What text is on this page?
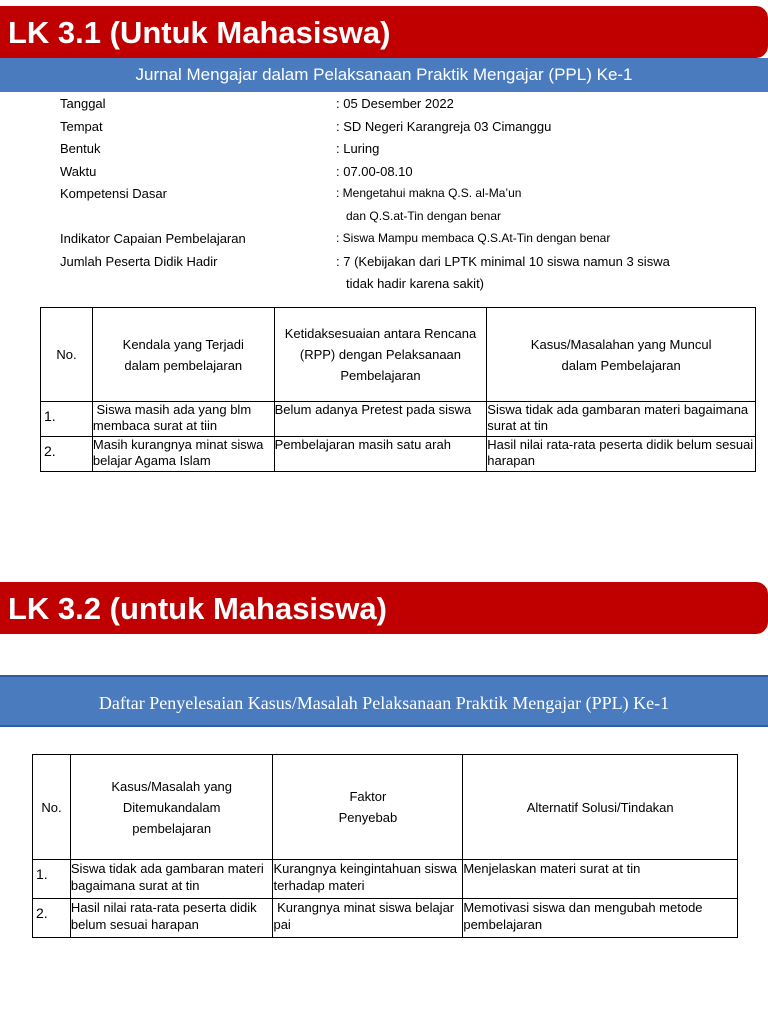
LK 3.1 (Untuk Mahasiswa)
Jurnal Mengajar dalam Pelaksanaan Praktik Mengajar (PPL) Ke-1
Tanggal	: 05 Desember 2022
Tempat	: SD Negeri Karangreja 03 Cimanggu
Bentuk	: Luring
Waktu	: 07.00-08.10
Kompetensi Dasar	: Mengetahui makna Q.S. al-Ma’un
dan Q.S.at-Tin dengan benar
Indikator Capaian Pembelajaran	: Siswa Mampu membaca Q.S.At-Tin dengan benar
Jumlah Peserta Didik Hadir	: 7 (Kebijakan dari LPTK minimal 10 siswa namun 3 siswa
tidak hadir karena sakit)
No.	Kendala yang Terjadi dalam pembelajaran	Ketidaksesuaian antara Rencana (RPP) dengan Pelaksanaan Pembelajaran	Kasus/Masalahan yang Muncul dalam Pembelajaran
1.	Siswa masih ada yang blm membaca surat at tiin	Belum adanya Pretest pada siswa	Siswa tidak ada gambaran materi bagaimana surat at tin
2.	Masih kurangnya minat siswa belajar Agama Islam	Pembelajaran masih satu arah	Hasil nilai rata-rata peserta didik belum sesuai harapan
LK 3.2 (untuk Mahasiswa)
Daftar Penyelesaian Kasus/Masalah Pelaksanaan Praktik Mengajar (PPL) Ke-1
No.	Kasus/Masalah yang Ditemukandalam pembelajaran	Faktor Penyebab	Alternatif Solusi/Tindakan
1.	Siswa tidak ada gambaran materi bagaimana surat at tin	Kurangnya keingintahuan siswa terhadap materi	Menjelaskan materi surat at tin
2.	Hasil nilai rata-rata peserta didik belum sesuai harapan	Kurangnya minat siswa belajar pai	Memotivasi siswa dan mengubah metode pembelajaran
